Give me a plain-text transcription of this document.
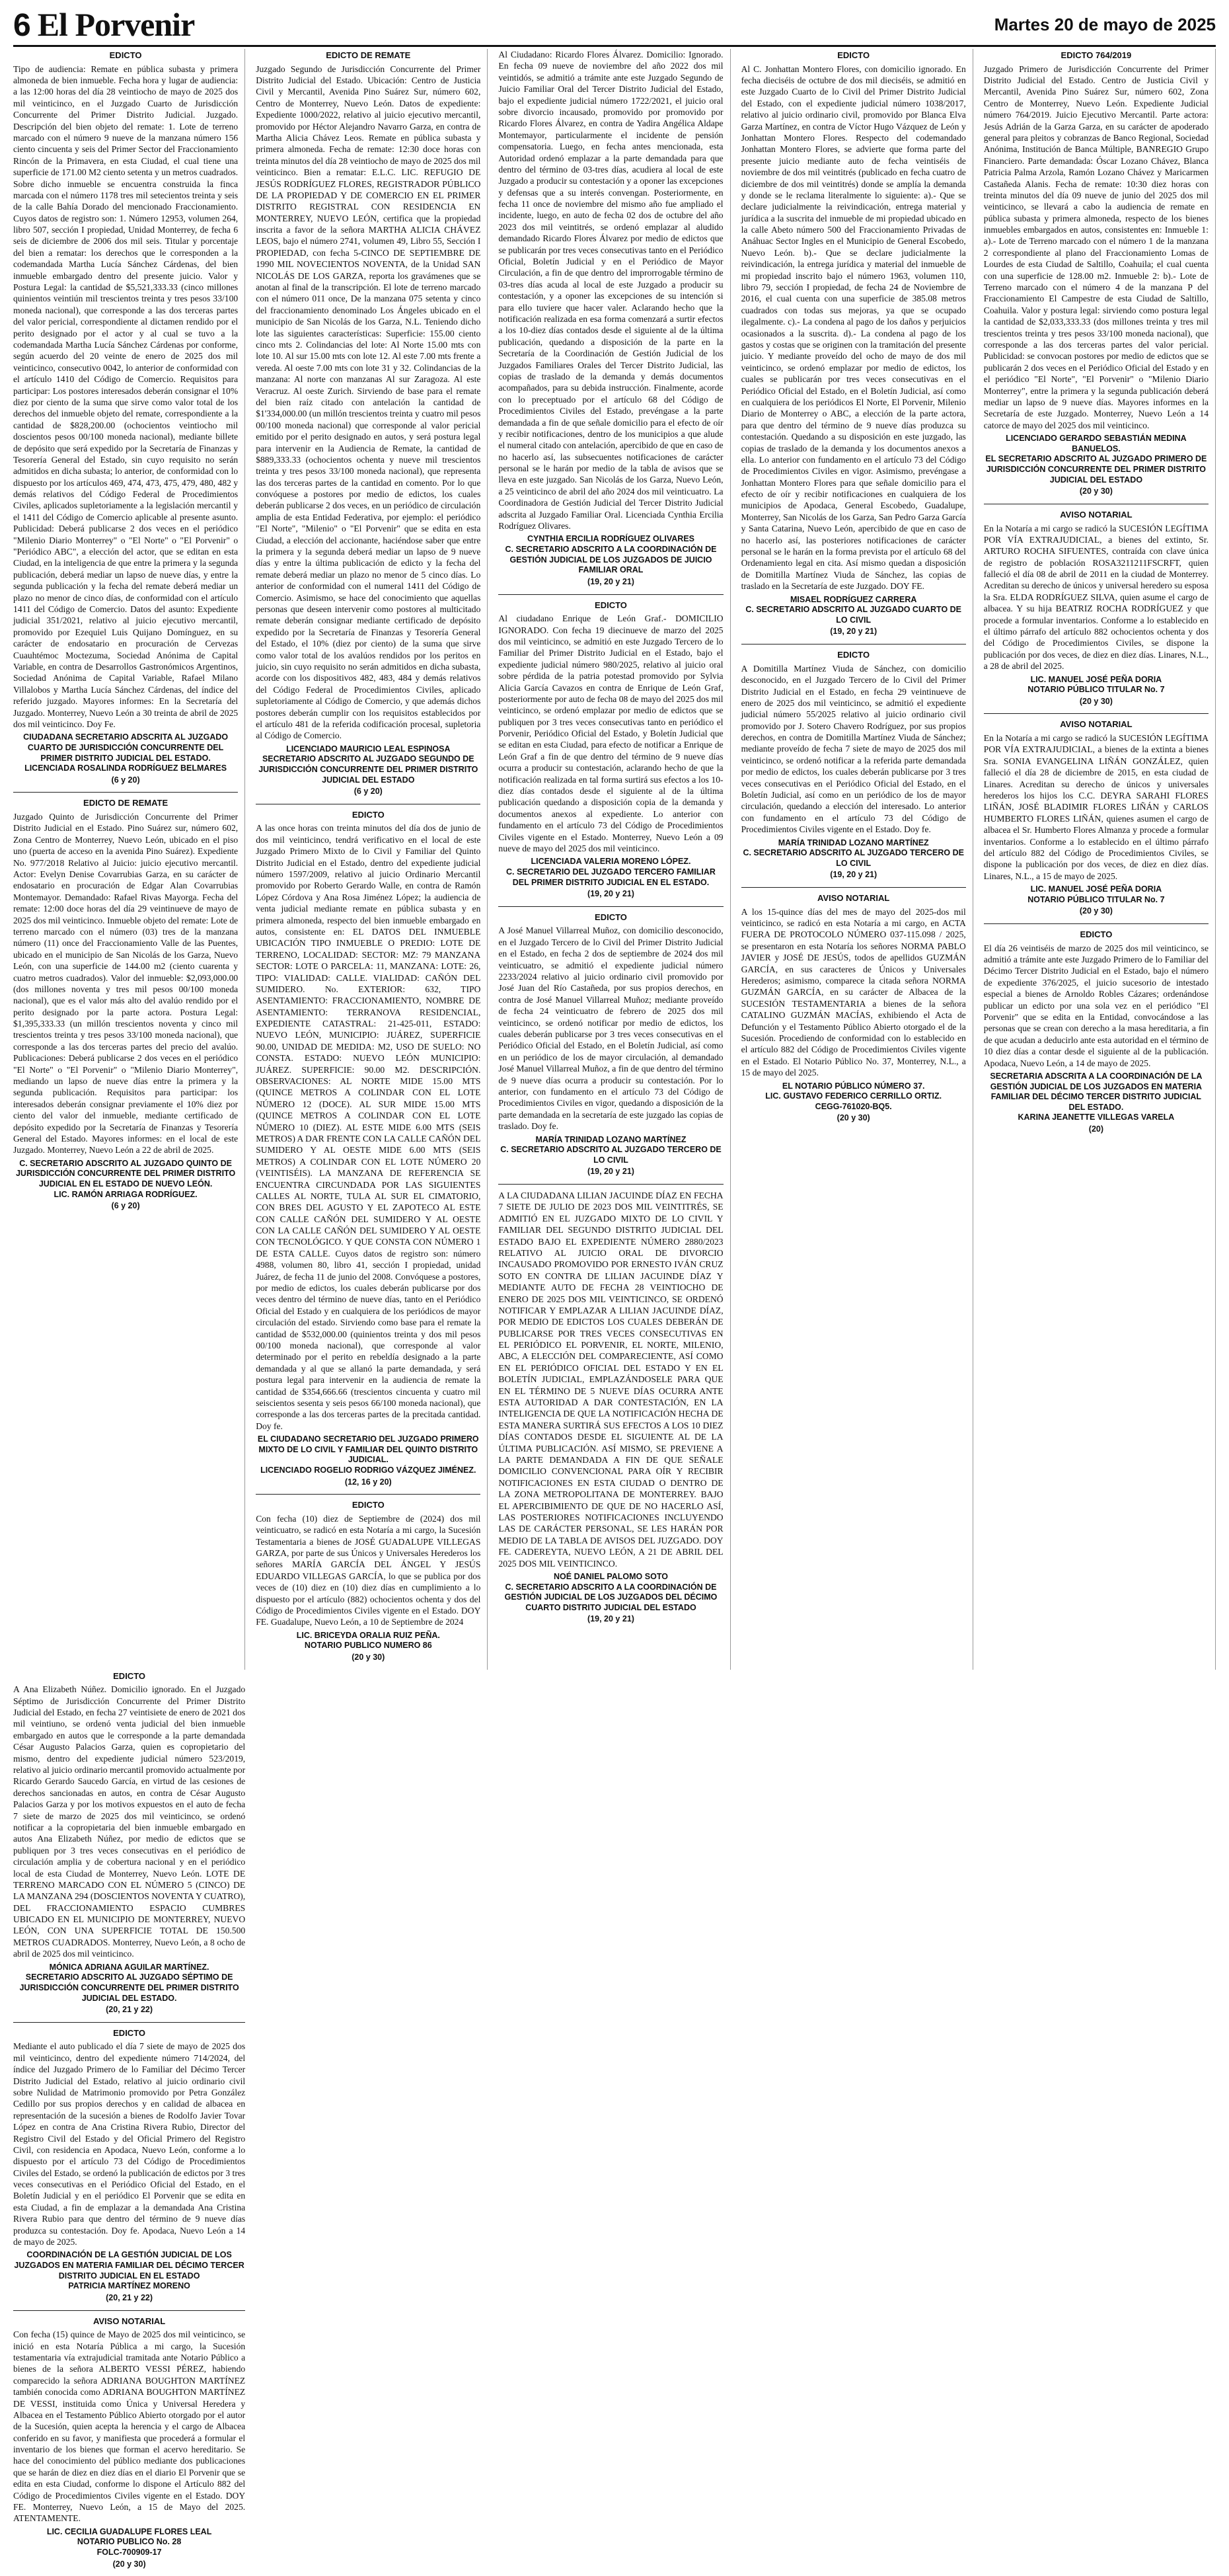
6 El Porvenir	Martes 20 de mayo de 2025
EDICTO

Tipo de audiencia: Remate en pública subasta y primera almoneda de bien inmueble. Fecha hora y lugar de audiencia: a las 12:00 horas del día 28 veintiocho de mayo de 2025 dos mil veinticinco, en el Juzgado Cuarto de Jurisdicción Concurrente del Primer Distrito Judicial. Juzgado. Descripción del bien objeto del remate: 1. Lote de terreno marcado con el número 9 nueve de la manzana número 156 ciento cincuenta y seis del Primer Sector del Fraccionamiento Rincón de la Primavera, en esta Ciudad, el cual tiene una superficie de 171.00 M2 ciento setenta y un metros cuadrados. Sobre dicho inmueble se encuentra construida la finca marcada con el número 1178 tres mil setecientos treinta y seis de la calle Bahía Dorado del mencionado Fraccionamiento. Cuyos datos de registro son: 1. Número 12953, volumen 264, libro 507, sección I propiedad, Unidad Monterrey, de fecha 6 seis de diciembre de 2006 dos mil seis. Titular y porcentaje del bien a rematar: los derechos que le corresponden a la codemandada Martha Lucía Sánchez Cárdenas, del bien inmueble embargado dentro del presente juicio. Valor y Postura Legal: la cantidad de $5,521,333.33 (cinco millones quinientos veintiún mil trescientos treinta y tres pesos 33/100 moneda nacional), que corresponde a las dos terceras partes del valor pericial, correspondiente al dictamen rendido por el perito designado por el actor y al cual se tuvo a la codemandada Martha Lucía Sánchez Cárdenas por conforme, según acuerdo del 20 veinte de enero de 2025 dos mil veinticinco, consecutivo 0042, lo anterior de conformidad con el artículo 1410 del Código de Comercio. Requisitos para participar: Los postores interesados deberán consignar el 10% diez por ciento de la suma que sirve como valor total de los derechos del inmueble objeto del remate, correspondiente a la cantidad de $828,200.00 (ochocientos veintiocho mil doscientos pesos 00/100 moneda nacional), mediante billete de depósito que será expedido por la Secretaría de Finanzas y Tesorería General del Estado, sin cuyo requisito no serán admitidos en dicha subasta; lo anterior, de conformidad con lo dispuesto por los artículos 469, 474, 473, 475, 479, 480, 482 y demás relativos del Código Federal de Procedimientos Civiles, aplicados supletoriamente a la legislación mercantil y el 1411 del Código de Comercio aplicable al presente asunto. Publicidad: Deberá publicarse 2 dos veces en el periódico "Milenio Diario Monterrey" o "El Norte" o "El Porvenir" o "Periódico ABC", a elección del actor, que se editan en esta Ciudad, en la inteligencia de que entre la primera y la segunda publicación, deberá mediar un lapso de nueve días, y entre la segunda publicación y la fecha del remate deberá mediar un plazo no menor de cinco días, de conformidad con el artículo 1411 del Código de Comercio. Datos del asunto: Expediente judicial 351/2021, relativo al juicio ejecutivo mercantil, promovido por Ezequiel Luis Quijano Domínguez, en su carácter de endosatario en procuración de Cervezas Cuauhtémoc Moctezuma, Sociedad Anónima de Capital Variable, en contra de Desarrollos Gastronómicos Argentinos, Sociedad Anónima de Capital Variable, Rafael Milano Villalobos y Martha Lucía Sánchez Cárdenas, del índice del referido juzgado. Mayores informes: En la Secretaría del Juzgado. Monterrey, Nuevo León a 30 treinta de abril de 2025 dos mil veinticinco. Doy Fe.

CIUDADANA SECRETARIO ADSCRITA AL JUZGADO CUARTO DE JURISDICCIÓN CONCURRENTE DEL PRIMER DISTRITO JUDICIAL DEL ESTADO.
LICENCIADA ROSALINDA RODRÍGUEZ BELMARES
(6 y 20)
EDICTO DE REMATE

Juzgado Quinto de Jurisdicción Concurrente del Primer Distrito Judicial en el Estado. Pino Suárez sur, número 602, Zona Centro de Monterrey, Nuevo León, ubicado en el piso uno (puerta de acceso en la avenida Pino Suárez). Expediente No. 977/2018 Relativo al Juicio: juicio ejecutivo mercantil. Actor: Evelyn Denise Covarrubias Garza, en su carácter de endosatario en procuración de Edgar Alan Covarrubias Montemayor. Demandado: Rafael Rivas Mayorga. Fecha del remate: 12:00 doce horas del día 29 veintinueve de mayo de 2025 dos mil veinticinco. Inmueble objeto del remate: Lote de terreno marcado con el número (03) tres de la manzana número (11) once del Fraccionamiento Valle de las Puentes, ubicado en el municipio de San Nicolás de los Garza, Nuevo León, con una superficie de 144.00 m2 (ciento cuarenta y cuatro metros cuadrados). Valor del inmueble: $2,093,000.00 (dos millones noventa y tres mil pesos 00/100 moneda nacional), que es el valor más alto del avalúo rendido por el perito designado por la parte actora. Postura Legal: $1,395,333.33 (un millón trescientos noventa y cinco mil trescientos treinta y tres pesos 33/100 moneda nacional), que corresponde a las dos terceras partes del precio del avalúo. Publicaciones: Deberá publicarse 2 dos veces en el periódico "El Norte" o "El Porvenir" o "Milenio Diario Monterrey", mediando un lapso de nueve días entre la primera y la segunda publicación. Requisitos para participar: los interesados deberán consignar previamente el 10% diez por ciento del valor del inmueble, mediante certificado de depósito expedido por la Secretaría de Finanzas y Tesorería General del Estado. Mayores informes: en el local de este Juzgado. Monterrey, Nuevo León a 22 de abril de 2025.

C. SECRETARIO ADSCRITO AL JUZGADO QUINTO DE JURISDICCIÓN CONCURRENTE DEL PRIMER DISTRITO JUDICIAL EN EL ESTADO DE NUEVO LEÓN.
LIC. RAMÓN ARRIAGA RODRÍGUEZ.
(6 y 20)
EDICTO DE REMATE

Juzgado Segundo de Jurisdicción Concurrente del Primer Distrito Judicial del Estado. Ubicación: Centro de Justicia Civil y Mercantil, Avenida Pino Suárez Sur, número 602, Centro de Monterrey, Nuevo León. Datos de expediente: Expediente 1000/2022, relativo al juicio ejecutivo mercantil, promovido por Héctor Alejandro Navarro Garza, en contra de Martha Alicia Chávez Leos. Remate en pública subasta y primera almoneda. Fecha de remate: 12:30 doce horas con treinta minutos del día 28 veintiocho de mayo de 2025 dos mil veinticinco. Bien a rematar: E.L.C. LIC. REFUGIO DE JESÚS RODRÍGUEZ FLORES, REGISTRADOR PÚBLICO DE LA PROPIEDAD Y DE COMERCIO EN EL PRIMER DISTRITO REGISTRAL CON RESIDENCIA EN MONTERREY, NUEVO LEÓN, certifica que la propiedad inscrita a favor de la señora MARTHA ALICIA CHÁVEZ LEOS, bajo el número 2741, volumen 49, Libro 55, Sección I PROPIEDAD, con fecha 5-CINCO DE SEPTIEMBRE DE 1990 MIL NOVECIENTOS NOVENTA, de la Unidad SAN NICOLÁS DE LOS GARZA, reporta los gravámenes que se anotan al final de la transcripción. El lote de terreno marcado con el número 011 once, De la manzana 075 setenta y cinco del fraccionamiento denominado Los Ángeles ubicado en el municipio de San Nicolás de los Garza, N.L. Teniendo dicho lote las siguientes características: Superficie: 155.00 ciento cinco mts 2. Colindancias del lote: Al Norte 15.00 mts con lote 10. Al sur 15.00 mts con lote 12. Al este 7.00 mts frente a vereda. Al oeste 7.00 mts con lote 31 y 32. Colindancias de la manzana: Al norte con manzanas Al sur Zaragoza. Al este Veracruz. Al oeste Zurich. Sirviendo de base para el remate del bien raíz citado con antelación la cantidad de $1'334,000.00 (un millón trescientos treinta y cuatro mil pesos 00/100 moneda nacional) que corresponde al valor pericial emitido por el perito designado en autos, y será postura legal para intervenir en la Audiencia de Remate, la cantidad de $889,333.33 (ochocientos ochenta y nueve mil trescientos treinta y tres pesos 33/100 moneda nacional), que representa las dos terceras partes de la cantidad en comento. Por lo que convóquese a postores por medio de edictos, los cuales deberán publicarse 2 dos veces, en un periódico de circulación amplia de esta Entidad Federativa, por ejemplo: el periódico "El Norte", "Milenio" o "El Porvenir" que se edita en esta Ciudad, a elección del accionante, haciéndose saber que entre la primera y la segunda deberá mediar un lapso de 9 nueve días y entre la última publicación de edicto y la fecha del remate deberá mediar un plazo no menor de 5 cinco días. Lo anterior de conformidad con el numeral 1411 del Código de Comercio. Asimismo, se hace del conocimiento que aquellas personas que deseen intervenir como postores al multicitado remate deberán consignar mediante certificado de depósito expedido por la Secretaría de Finanzas y Tesorería General del Estado, el 10% (diez por ciento) de la suma que sirve como valor total de los avalúos rendidos por los peritos en juicio, sin cuyo requisito no serán admitidos en dicha subasta, acorde con los dispositivos 482, 483, 484 y demás relativos del Código Federal de Procedimientos Civiles, aplicado supletoriamente al Código de Comercio, y que además dichos postores deberán cumplir con los requisitos establecidos por el artículo 481 de la referida codificación procesal, supletoria al Código de Comercio.

LICENCIADO MAURICIO LEAL ESPINOSA
SECRETARIO ADSCRITO AL JUZGADO SEGUNDO DE JURISDICCIÓN CONCURRENTE DEL PRIMER DISTRITO JUDICIAL DEL ESTADO
(6 y 20)
EDICTO

A las once horas con treinta minutos del día dos de junio de dos mil veinticinco, tendrá verificativo en el local de este Juzgado Primero Mixto de lo Civil y Familiar del Quinto Distrito Judicial en el Estado, dentro del expediente judicial número 1597/2009, relativo al juicio Ordinario Mercantil promovido por Roberto Gerardo Walle, en contra de Ramón López Córdova y Ana Rosa Jiménez López; la audiencia de venta judicial mediante remate en pública subasta y en primera almoneda, respecto del bien inmueble embargado en autos, consistente en: EL DATOS DEL INMUEBLE UBICACIÓN TIPO INMUEBLE O PREDIO: LOTE DE TERRENO, LOCALIDAD: SECTOR: MZ: 79 MANZANA SECTOR: LOTE O PARCELA: 11, MANZANA: LOTE: 26, TIPO: VIALIDAD: CALLE. VIALIDAD: CAÑÓN DEL SUMIDERO. No. EXTERIOR: 632, TIPO ASENTAMIENTO: FRACCIONAMIENTO, NOMBRE DE ASENTAMIENTO: TERRANOVA RESIDENCIAL, EXPEDIENTE CATASTRAL: 21-425-011, ESTADO: NUEVO LEÓN, MUNICIPIO: JUÁREZ, SUPERFICIE 90.00, UNIDAD DE MEDIDA: M2, USO DE SUELO: NO CONSTA. ESTADO: NUEVO LEÓN MUNICIPIO: JUÁREZ. SUPERFICIE: 90.00 M2. DESCRIPCIÓN. OBSERVACIONES: AL NORTE MIDE 15.00 MTS (QUINCE METROS A COLINDAR CON EL LOTE NÚMERO 12 (DOCE). AL SUR MIDE 15.00 MTS (QUINCE METROS A COLINDAR CON EL LOTE NÚMERO 10 (DIEZ). AL ESTE MIDE 6.00 MTS (SEIS METROS) A DAR FRENTE CON LA CALLE CAÑÓN DEL SUMIDERO Y AL OESTE MIDE 6.00 MTS (SEIS METROS) A COLINDAR CON EL LOTE NÚMERO 20 (VEINTISÉIS). LA MANZANA DE REFERENCIA SE ENCUENTRA CIRCUNDADA POR LAS SIGUIENTES CALLES AL NORTE, TULA AL SUR EL CIMATORIO, CON BRES DEL AGUSTO Y EL ZAPOTECO AL ESTE CON CALLE CAÑÓN DEL SUMIDERO Y AL OESTE CON LA CALLE CAÑÓN DEL SUMIDERO Y AL OESTE CON TECNOLÓGICO. Y QUE CONSTA CON NÚMERO 1 DE ESTA CALLE. Cuyos datos de registro son: número 4988, volumen 80, libro 41, sección I propiedad, unidad Juárez, de fecha 11 de junio del 2008. Convóquese a postores, por medio de edictos, los cuales deberán publicarse por dos veces dentro del término de nueve días, tanto en el Periódico Oficial del Estado y en cualquiera de los periódicos de mayor circulación del estado. Sirviendo como base para el remate la cantidad de $532,000.00 (quinientos treinta y dos mil pesos 00/100 moneda nacional), que corresponde al valor determinado por el perito en rebeldía designado a la parte demandada y al que se allanó la parte demandada, y será postura legal para intervenir en la audiencia de remate la cantidad de $354,666.66 (trescientos cincuenta y cuatro mil seiscientos sesenta y seis pesos 66/100 moneda nacional), que corresponde a las dos terceras partes de la precitada cantidad. Doy fe.

EL CIUDADANO SECRETARIO DEL JUZGADO PRIMERO MIXTO DE LO CIVIL Y FAMILIAR DEL QUINTO DISTRITO JUDICIAL.
LICENCIADO ROGELIO RODRIGO VÁZQUEZ JIMÉNEZ.
(12, 16 y 20)
EDICTO

Con fecha (10) diez de Septiembre de (2024) dos mil veinticuatro, se radicó en esta Notaría a mi cargo, la Sucesión Testamentaria a bienes de JOSÉ GUADALUPE VILLEGAS GARZA, por parte de sus Únicos y Universales Herederos los señores MARÍA GARCÍA DEL ÁNGEL Y JESÚS EDUARDO VILLEGAS GARCÍA, lo que se publica por dos veces de (10) diez en (10) diez días en cumplimiento a lo dispuesto por el artículo (882) ochocientos ochenta y dos del Código de Procedimientos Civiles vigente en el Estado. DOY FE. Guadalupe, Nuevo León, a 10 de Septiembre de 2024

LIC. BRICEYDA ORALIA RUIZ PEÑA.
NOTARIO PUBLICO NUMERO 86
(20 y 30)

Al Ciudadano: Ricardo Flores Álvarez. Domicilio: Ignorado. En fecha 09 nueve de noviembre del año 2022 dos mil veintidós, se admitió a trámite ante este Juzgado Segundo de Juicio Familiar Oral del Tercer Distrito Judicial del Estado, bajo el expediente judicial número 1722/2021, el juicio oral sobre divorcio incausado, promovido por promovido por Ricardo Flores Álvarez, en contra de Yadira Angélica Aldape Montemayor, particularmente el incidente de pensión compensatoria. Luego, en fecha antes mencionada, esta Autoridad ordenó emplazar a la parte demandada para que dentro del término de 03-tres días, acudiera al local de este Juzgado a producir su contestación y a oponer las excepciones y defensas que a su interés convengan. Posteriormente, en fecha 11 once de noviembre del mismo año fue ampliado el incidente, luego, en auto de fecha 02 dos de octubre del año 2023 dos mil veintitrés, se ordenó emplazar al aludido demandado Ricardo Flores Álvarez por medio de edictos que se publicarán por tres veces consecutivas tanto en el Periódico Oficial, Boletín Judicial y en el Periódico de Mayor Circulación, a fin de que dentro del improrrogable término de 03-tres días acuda al local de este Juzgado a producir su contestación, y a oponer las excepciones de su intención si para ello tuviere que hacer valer. Aclarando hecho que la notificación realizada en esa forma comenzará a surtir efectos a los 10-diez días contados desde el siguiente al de la última publicación, quedando a disposición de la parte en la Secretaría de la Coordinación de Gestión Judicial de los Juzgados Familiares Orales del Tercer Distrito Judicial, las copias de traslado de la demanda y demás documentos acompañados, para su debida instrucción. Finalmente, acorde con lo preceptuado por el artículo 68 del Código de Procedimientos Civiles del Estado, prevéngase a la parte demandada a fin de que señale domicilio para el efecto de oír y recibir notificaciones, dentro de los municipios a que alude el numeral citado con antelación, apercibido de que en caso de no hacerlo así, las subsecuentes notificaciones de carácter personal se le harán por medio de la tabla de avisos que se lleva en este juzgado. San Nicolás de los Garza, Nuevo León, a 25 veinticinco de abril del año 2024 dos mil veinticuatro. La Coordinadora de Gestión Judicial del Tercer Distrito Judicial adscrita al Juzgado Familiar Oral. Licenciada Cynthia Ercilia Rodríguez Olivares.

CYNTHIA ERCILIA RODRÍGUEZ OLIVARES
C. SECRETARIO ADSCRITO A LA COORDINACIÓN DE GESTIÓN JUDICIAL DE LOS JUZGADOS DE JUICIO FAMILIAR ORAL
(19, 20 y 21)
EDICTO

Al ciudadano Enrique de León Graf.- DOMICILIO IGNORADO. Con fecha 19 diecinueve de marzo del 2025 dos mil veinticinco, se admitió en este Juzgado Tercero de lo Familiar del Primer Distrito Judicial en el Estado, bajo el expediente judicial número 980/2025, relativo al juicio oral sobre pérdida de la patria potestad promovido por Sylvia Alicia García Cavazos en contra de Enrique de León Graf, posteriormente por auto de fecha 08 de mayo del 2025 dos mil veinticinco, se ordenó emplazar por medio de edictos que se publiquen por 3 tres veces consecutivas tanto en periódico el Porvenir, Periódico Oficial del Estado, y Boletín Judicial que se editan en esta Ciudad, para efecto de notificar a Enrique de León Graf a fin de que dentro del término de 9 nueve días ocurra a producir su contestación, aclarando hecho de que la notificación realizada en tal forma surtirá sus efectos a los 10- diez días contados desde el siguiente al de la última publicación quedando a disposición copia de la demanda y documentos anexos al expediente. Lo anterior con fundamento en el artículo 73 del Código de Procedimientos Civiles vigente en el Estado. Monterrey, Nuevo León a 09 nueve de mayo del 2025 dos mil veinticinco.

LICENCIADA VALERIA MORENO LÓPEZ.
C. SECRETARIO DEL JUZGADO TERCERO FAMILIAR DEL PRIMER DISTRITO JUDICIAL EN EL ESTADO.
(19, 20 y 21)
EDICTO

A José Manuel Villarreal Muñoz, con domicilio desconocido, en el Juzgado Tercero de lo Civil del Primer Distrito Judicial en el Estado, en fecha 2 dos de septiembre de 2024 dos mil veinticuatro, se admitió el expediente judicial número 2233/2024 relativo al juicio ordinario civil promovido por José Juan del Río Castañeda, por sus propios derechos, en contra de José Manuel Villarreal Muñoz; mediante proveído de fecha 24 veinticuatro de febrero de 2025 dos mil veinticinco, se ordenó notificar por medio de edictos, los cuales deberán publicarse por 3 tres veces consecutivas en el Periódico Oficial del Estado, en el Boletín Judicial, así como en un periódico de los de mayor circulación, al demandado José Manuel Villarreal Muñoz, a fin de que dentro del término de 9 nueve días ocurra a producir su contestación. Por lo anterior, con fundamento en el artículo 73 del Código de Procedimientos Civiles en vigor, quedando a disposición de la parte demandada en la secretaría de este juzgado las copias de traslado. Doy fe.

MARÍA TRINIDAD LOZANO MARTÍNEZ
C. SECRETARIO ADSCRITO AL JUZGADO TERCERO DE LO CIVIL
(19, 20 y 21)

A LA CIUDADANA LILIAN JACUINDE DÍAZ EN FECHA 7 SIETE DE JULIO DE 2023 DOS MIL VEINTITRÉS, SE ADMITIÓ EN EL JUZGADO MIXTO DE LO CIVIL Y FAMILIAR DEL SEGUNDO DISTRITO JUDICIAL DEL ESTADO BAJO EL EXPEDIENTE NÚMERO 2880/2023 RELATIVO AL JUICIO ORAL DE DIVORCIO INCAUSADO PROMOVIDO POR ERNESTO IVÁN CRUZ SOTO EN CONTRA DE LILIAN JACUINDE DÍAZ Y MEDIANTE AUTO DE FECHA 28 VEINTIOCHO DE ENERO DE 2025 DOS MIL VEINTICINCO, SE ORDENÓ NOTIFICAR Y EMPLAZAR A LILIAN JACUINDE DÍAZ, POR MEDIO DE EDICTOS LOS CUALES DEBERÁN DE PUBLICARSE POR TRES VECES CONSECUTIVAS EN EL PERIÓDICO EL PORVENIR, EL NORTE, MILENIO, ABC, A ELECCIÓN DEL COMPARECIENTE, ASÍ COMO EN EL PERIÓDICO OFICIAL DEL ESTADO Y EN EL BOLETÍN JUDICIAL, EMPLAZÁNDOSELE PARA QUE EN EL TÉRMINO DE 5 NUEVE DÍAS OCURRA ANTE ESTA AUTORIDAD A DAR CONTESTACIÓN, EN LA INTELIGENCIA DE QUE LA NOTIFICACIÓN HECHA DE ESTA MANERA SURTIRÁ SUS EFECTOS A LOS 10 DIEZ DÍAS CONTADOS DESDE EL SIGUIENTE AL DE LA ÚLTIMA PUBLICACIÓN. ASÍ MISMO, SE PREVIENE A LA PARTE DEMANDADA A FIN DE QUE SEÑALE DOMICILIO CONVENCIONAL PARA OÍR Y RECIBIR NOTIFICACIONES EN ESTA CIUDAD O DENTRO DE LA ZONA METROPOLITANA DE MONTERREY. BAJO EL APERCIBIMIENTO DE QUE DE NO HACERLO ASÍ, LAS POSTERIORES NOTIFICACIONES INCLUYENDO LAS DE CARÁCTER PERSONAL, SE LES HARÁN POR MEDIO DE LA TABLA DE AVISOS DEL JUZGADO. DOY FE. CADEREYTA, NUEVO LEÓN, A 21 DE ABRIL DEL 2025 DOS MIL VEINTICINCO.

NOÉ DANIEL PALOMO SOTO
C. SECRETARIO ADSCRITO A LA COORDINACIÓN DE GESTIÓN JUDICIAL DE LOS JUZGADOS DEL DÉCIMO CUARTO DISTRITO JUDICIAL DEL ESTADO
(19, 20 y 21)
EDICTO

Al C. Jonhattan Montero Flores, con domicilio ignorado. En fecha dieciséis de octubre de dos mil dieciséis, se admitió en este Juzgado Cuarto de lo Civil del Primer Distrito Judicial del Estado, con el expediente judicial número 1038/2017, relativo al juicio ordinario civil, promovido por Blanca Elva Garza Martínez, en contra de Víctor Hugo Vázquez de León y Jonhattan Montero Flores. Respecto del codemandado Jonhattan Montero Flores, se advierte que forma parte del presente juicio mediante auto de fecha veintiséis de noviembre de dos mil veintitrés (publicado en fecha cuatro de diciembre de dos mil veintitrés) donde se amplía la demanda y donde se le reclama literalmente lo siguiente: a).- Que se declare judicialmente la reivindicación, entrega material y jurídica a la suscrita del inmueble de mi propiedad ubicado en la calle Abeto número 500 del Fraccionamiento Privadas de Anáhuac Sector Ingles en el Municipio de General Escobedo, Nuevo León. b).- Que se declare judicialmente la reivindicación, la entrega jurídica y material del inmueble de mi propiedad inscrito bajo el número 1963, volumen 110, libro 79, sección I propiedad, de fecha 24 de Noviembre de 2016, el cual cuenta con una superficie de 385.08 metros cuadrados con todas sus mejoras, ya que se ocupado ilegalmente. c).- La condena al pago de los daños y perjuicios ocasionados a la suscrita. d).- La condena al pago de los gastos y costas que se originen con la tramitación del presente juicio. Y mediante proveído del ocho de mayo de dos mil veinticinco, se ordenó emplazar por medio de edictos, los cuales se publicarán por tres veces consecutivas en el Periódico Oficial del Estado, en el Boletín Judicial, así como en cualquiera de los periódicos El Norte, El Porvenir, Milenio Diario de Monterrey o ABC, a elección de la parte actora, para que dentro del término de 9 nueve días produzca su contestación. Quedando a su disposición en este juzgado, las copias de traslado de la demanda y los documentos anexos a ella. Lo anterior con fundamento en el artículo 73 del Código de Procedimientos Civiles en vigor. Asimismo, prevéngase a Jonhattan Montero Flores para que señale domicilio para el efecto de oír y recibir notificaciones en cualquiera de los municipios de Apodaca, General Escobedo, Guadalupe, Monterrey, San Nicolás de los Garza, San Pedro Garza García y Santa Catarina, Nuevo León, apercibido de que en caso de no hacerlo así, las posteriores notificaciones de carácter personal se le harán en la forma prevista por el artículo 68 del Ordenamiento legal en cita. Así mismo quedan a disposición de Domitilla Martínez Viuda de Sánchez, las copias de traslado en la Secretaría de este Juzgado. DOY FE.

MISAEL RODRÍGUEZ CARRERA
C. SECRETARIO ADSCRITO AL JUZGADO CUARTO DE LO CIVIL
(19, 20 y 21)
EDICTO

A Domitilla Martínez Viuda de Sánchez, con domicilio desconocido, en el Juzgado Tercero de lo Civil del Primer Distrito Judicial en el Estado, en fecha 29 veintinueve de enero de 2025 dos mil veinticinco, se admitió el expediente judicial número 55/2025 relativo al juicio ordinario civil promovido por J. Sotero Chavero Rodríguez, por sus propios derechos, en contra de Domitilla Martínez Viuda de Sánchez; mediante proveído de fecha 7 siete de mayo de 2025 dos mil veinticinco, se ordenó notificar a la referida parte demandada por medio de edictos, los cuales deberán publicarse por 3 tres veces consecutivas en el Periódico Oficial del Estado, en el Boletín Judicial, así como en un periódico de los de mayor circulación, quedando a elección del interesado. Lo anterior con fundamento en el artículo 73 del Código de Procedimientos Civiles vigente en el Estado. Doy fe.

MARÍA TRINIDAD LOZANO MARTÍNEZ
C. SECRETARIO ADSCRITO AL JUZGADO TERCERO DE LO CIVIL
(19, 20 y 21)
AVISO NOTARIAL

A los 15-quince días del mes de mayo del 2025-dos mil veinticinco, se radicó en esta Notaría a mi cargo, en ACTA FUERA DE PROTOCOLO NÚMERO 037-115.098 / 2025, se presentaron en esta Notaría los señores NORMA PABLO JAVIER y JOSÉ DE JESÚS, todos de apellidos GUZMÁN GARCÍA, en sus caracteres de Únicos y Universales Herederos; asimismo, comparece la citada señora NORMA GUZMÁN GARCÍA, en su carácter de Albacea de la SUCESIÓN TESTAMENTARIA a bienes de la señora CATALINO GUZMÁN MACÍAS, exhibiendo el Acta de Defunción y el Testamento Público Abierto otorgado el de la Sucesión. Procediendo de conformidad con lo establecido en el artículo 882 del Código de Procedimientos Civiles vigente en el Estado. El Notario Público No. 37, Monterrey, N.L., a 15 de mayo del 2025.

EL NOTARIO PÚBLICO NÚMERO 37.
LIC. GUSTAVO FEDERICO CERRILLO ORTIZ.
CEGG-761020-BQ5.
(20 y 30)
EDICTO 764/2019

Juzgado Primero de Jurisdicción Concurrente del Primer Distrito Judicial del Estado. Centro de Justicia Civil y Mercantil, Avenida Pino Suárez Sur, número 602, Zona Centro de Monterrey, Nuevo León. Expediente Judicial número 764/2019. Juicio Ejecutivo Mercantil. Parte actora: Jesús Adrián de la Garza Garza, en su carácter de apoderado general para pleitos y cobranzas de Banco Regional, Sociedad Anónima, Institución de Banca Múltiple, BANREGIO Grupo Financiero. Parte demandada: Óscar Lozano Chávez, Blanca Patricia Palma Arzola, Ramón Lozano Chávez y Maricarmen Castañeda Alanis. Fecha de remate: 10:30 diez horas con treinta minutos del día 09 nueve de junio del 2025 dos mil veinticinco, se llevará a cabo la audiencia de remate en pública subasta y primera almoneda, respecto de los bienes inmuebles embargados en autos, consistentes en: Inmueble 1: a).- Lote de Terreno marcado con el número 1 de la manzana 2 correspondiente al plano del Fraccionamiento Lomas de Lourdes de esta Ciudad de Saltillo, Coahuila; el cual cuenta con una superficie de 128.00 m2. Inmueble 2: b).- Lote de Terreno marcado con el número 4 de la manzana P del Fraccionamiento El Campestre de esta Ciudad de Saltillo, Coahuila. Valor y postura legal: sirviendo como postura legal la cantidad de $2,033,333.33 (dos millones treinta y tres mil trescientos treinta y tres pesos 33/100 moneda nacional), que corresponde a las dos terceras partes del valor pericial. Publicidad: se convocan postores por medio de edictos que se publicarán 2 dos veces en el Periódico Oficial del Estado y en el periódico "El Norte", "El Porvenir" o "Milenio Diario Monterrey", entre la primera y la segunda publicación deberá mediar un lapso de 9 nueve días. Mayores informes en la Secretaría de este Juzgado. Monterrey, Nuevo León a 14 catorce de mayo del 2025 dos mil veinticinco.

LICENCIADO GERARDO SEBASTIÁN MEDINA BANUELOS.
EL SECRETARIO ADSCRITO AL JUZGADO PRIMERO DE JURISDICCIÓN CONCURRENTE DEL PRIMER DISTRITO JUDICIAL DEL ESTADO
(20 y 30)
AVISO NOTARIAL

En la Notaría a mi cargo se radicó la SUCESIÓN LEGÍTIMA POR VÍA EXTRAJUDICIAL, a bienes del extinto, Sr. ARTURO ROCHA SIFUENTES, contraída con clave única de registro de población ROSA3211211FSCRFT, quien falleció el día 08 de abril de 2011 en la ciudad de Monterrey. Acreditan su derecho de únicos y universal heredero su esposa la Sra. ELDA RODRÍGUEZ SILVA, quien asume el cargo de albacea. Y su hija BEATRIZ ROCHA RODRÍGUEZ y que procede a formular inventarios. Conforme a lo establecido en el último párrafo del artículo 882 ochocientos ochenta y dos del Código de Procedimientos Civiles, se dispone la publicación por dos veces, de diez en diez días. Linares, N.L., a 28 de abril del 2025.

LIC. MANUEL JOSÉ PEÑA DORIA
NOTARIO PÚBLICO TITULAR No. 7
(20 y 30)
AVISO NOTARIAL

En la Notaría a mi cargo se radicó la SUCESIÓN LEGÍTIMA POR VÍA EXTRAJUDICIAL, a bienes de la extinta a bienes Sra. SONIA EVANGELINA LIÑÁN GONZÁLEZ, quien falleció el día 28 de diciembre de 2015, en esta ciudad de Linares. Acreditan su derecho de únicos y universales herederos los hijos los C.C. DEYRA SARAHI FLORES LIÑÁN, JOSÉ BLADIMIR FLORES LIÑÁN y CARLOS HUMBERTO FLORES LIÑÁN, quienes asumen el cargo de albacea el Sr. Humberto Flores Almanza y procede a formular inventarios. Conforme a lo establecido en el último párrafo del artículo 882 del Código de Procedimientos Civiles, se dispone la publicación por dos veces, de diez en diez días. Linares, N.L., a 15 de mayo de 2025.

LIC. MANUEL JOSÉ PEÑA DORIA
NOTARIO PÚBLICO TITULAR No. 7
(20 y 30)
EDICTO

El día 26 veintiséis de marzo de 2025 dos mil veinticinco, se admitió a trámite ante este Juzgado Primero de lo Familiar del Décimo Tercer Distrito Judicial en el Estado, bajo el número de expediente 376/2025, el juicio sucesorio de intestado especial a bienes de Arnoldo Robles Cázares; ordenándose publicar un edicto por una sola vez en el periódico "El Porvenir" que se edita en la Entidad, convocándose a las personas que se crean con derecho a la masa hereditaria, a fin de que acudan a deducirlo ante esta autoridad en el término de 10 diez días a contar desde el siguiente al de la publicación. Apodaca, Nuevo León, a 14 de mayo de 2025.

SECRETARIA ADSCRITA A LA COORDINACIÓN DE LA GESTIÓN JUDICIAL DE LOS JUZGADOS EN MATERIA FAMILIAR DEL DÉCIMO TERCER DISTRITO JUDICIAL DEL ESTADO.
KARINA JEANETTE VILLEGAS VARELA
(20)
EDICTO

A Ana Elizabeth Núñez. Domicilio ignorado. En el Juzgado Séptimo de Jurisdicción Concurrente del Primer Distrito Judicial del Estado, en fecha 27 veintisiete de enero de 2021 dos mil veintiuno, se ordenó venta judicial del bien inmueble embargado en autos que le corresponde a la parte demandada César Augusto Palacios Garza, quien es copropietario del mismo, dentro del expediente judicial número 523/2019, relativo al juicio ordinario mercantil promovido actualmente por Ricardo Gerardo Saucedo García, en virtud de las cesiones de derechos sancionadas en autos, en contra de César Augusto Palacios Garza y por los motivos expuestos en el auto de fecha 7 siete de marzo de 2025 dos mil veinticinco, se ordenó notificar a la copropietaria del bien inmueble embargado en autos Ana Elizabeth Núñez, por medio de edictos que se publiquen por 3 tres veces consecutivas en el periódico de circulación amplia y de cobertura nacional y en el periódico local de esta Ciudad de Monterrey, Nuevo León. LOTE DE TERRENO MARCADO CON EL NÚMERO 5 (CINCO) DE LA MANZANA 294 (DOSCIENTOS NOVENTA Y CUATRO), DEL FRACCIONAMIENTO ESPACIO CUMBRES UBICADO EN EL MUNICIPIO DE MONTERREY, NUEVO LEÓN, CON UNA SUPERFICIE TOTAL DE 150.500 METROS CUADRADOS. Monterrey, Nuevo León, a 8 ocho de abril de 2025 dos mil veinticinco.

MÓNICA ADRIANA AGUILAR MARTÍNEZ.
SECRETARIO ADSCRITO AL JUZGADO SÉPTIMO DE JURISDICCIÓN CONCURRENTE DEL PRIMER DISTRITO JUDICIAL DEL ESTADO.
(20, 21 y 22)
EDICTO

Mediante el auto publicado el día 7 siete de mayo de 2025 dos mil veinticinco, dentro del expediente número 714/2024, del índice del Juzgado Primero de lo Familiar del Décimo Tercer Distrito Judicial del Estado, relativo al juicio ordinario civil sobre Nulidad de Matrimonio promovido por Petra González Cedillo por sus propios derechos y en calidad de albacea en representación de la sucesión a bienes de Rodolfo Javier Tovar López en contra de Ana Cristina Rivera Rubio, Director del Registro Civil del Estado y del Oficial Primero del Registro Civil, con residencia en Apodaca, Nuevo León, conforme a lo dispuesto por el artículo 73 del Código de Procedimientos Civiles del Estado, se ordenó la publicación de edictos por 3 tres veces consecutivas en el Periódico Oficial del Estado, en el Boletín Judicial y en el periódico El Porvenir que se edita en esta Ciudad, a fin de emplazar a la demandada Ana Cristina Rivera Rubio para que dentro del término de 9 nueve días produzca su contestación. Doy fe. Apodaca, Nuevo León a 14 de mayo de 2025.

COORDINACIÓN DE LA GESTIÓN JUDICIAL DE LOS JUZGADOS EN MATERIA FAMILIAR DEL DÉCIMO TERCER DISTRITO JUDICIAL EN EL ESTADO
PATRICIA MARTÍNEZ MORENO
(20, 21 y 22)
AVISO NOTARIAL

Con fecha (15) quince de Mayo de 2025 dos mil veinticinco, se inició en esta Notaría Pública a mi cargo, la Sucesión testamentaria vía extrajudicial tramitada ante Notario Público a bienes de la señora ALBERTO VESSI PÉREZ, habiendo comparecido la señora ADRIANA BOUGHTON MARTÍNEZ también conocida como ADRIANA BOUGHTON MARTÍNEZ DE VESSI, instituida como Única y Universal Heredera y Albacea en el Testamento Público Abierto otorgado por el autor de la Sucesión, quien acepta la herencia y el cargo de Albacea conferido en su favor, y manifiesta que procederá a formular el inventario de los bienes que forman el acervo hereditario. Se hace del conocimiento del público mediante dos publicaciones que se harán de diez en diez días en el diario El Porvenir que se edita en esta Ciudad, conforme lo dispone el Artículo 882 del Código de Procedimientos Civiles vigente en el Estado. DOY FE. Monterrey, Nuevo León, a 15 de Mayo del 2025. ATENTAMENTE.

LIC. CECILIA GUADALUPE FLORES LEAL
NOTARIO PUBLICO No. 28
FOLC-700909-17
(20 y 30)
